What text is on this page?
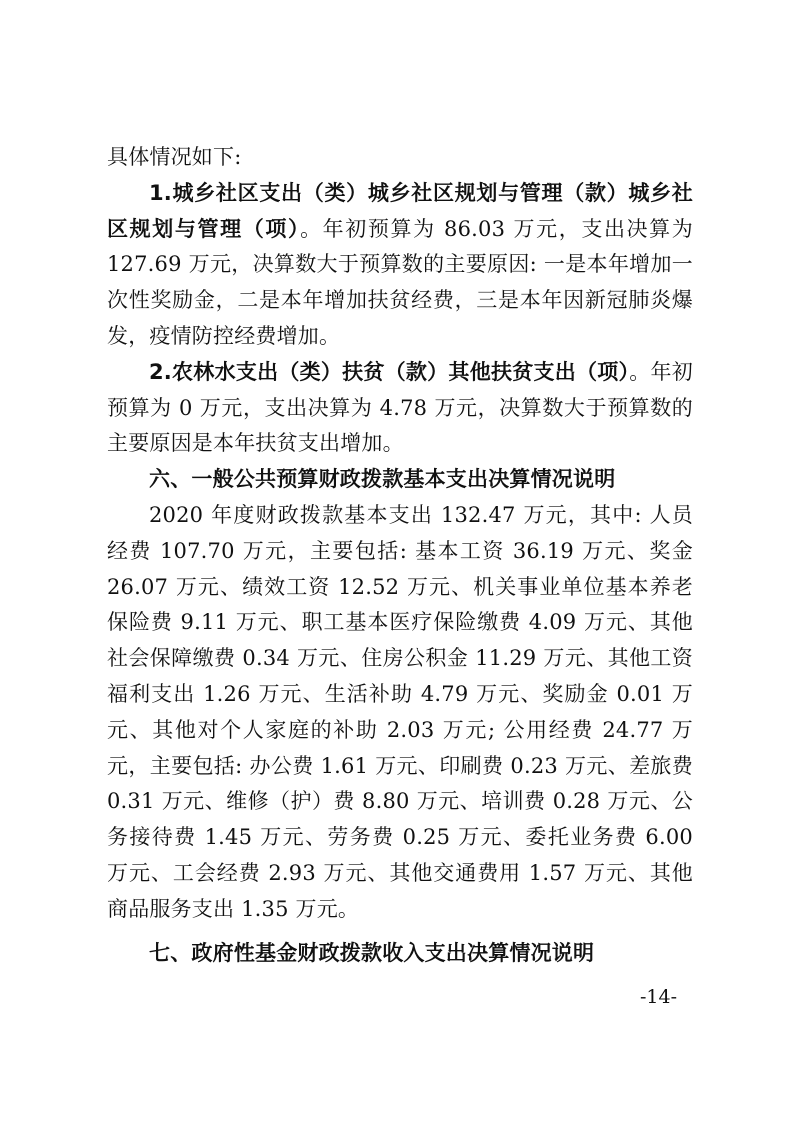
具体情况如下:

1.城乡社区支出（类）城乡社区规划与管理（款）城乡社区规划与管理（项）。年初预算为 86.03 万元，支出决算为 127.69 万元，决算数大于预算数的主要原因: 一是本年增加一次性奖励金，二是本年增加扶贫经费，三是本年因新冠肺炎爆发，疫情防控经费增加。

2.农林水支出（类）扶贫（款）其他扶贫支出（项）。年初预算为 0 万元，支出决算为 4.78 万元，决算数大于预算数的主要原因是本年扶贫支出增加。

六、一般公共预算财政拨款基本支出决算情况说明

2020 年度财政拨款基本支出 132.47 万元，其中: 人员经费 107.70 万元，主要包括: 基本工资 36.19 万元、奖金 26.07 万元、绩效工资 12.52 万元、机关事业单位基本养老保险费 9.11 万元、职工基本医疗保险缴费 4.09 万元、其他社会保障缴费 0.34 万元、住房公积金 11.29 万元、其他工资福利支出 1.26 万元、生活补助 4.79 万元、奖励金 0.01 万元、其他对个人家庭的补助 2.03 万元; 公用经费 24.77 万元，主要包括: 办公费 1.61 万元、印刷费 0.23 万元、差旅费 0.31 万元、维修（护）费 8.80 万元、培训费 0.28 万元、公务接待费 1.45 万元、劳务费 0.25 万元、委托业务费 6.00 万元、工会经费 2.93 万元、其他交通费用 1.57 万元、其他商品服务支出 1.35 万元。

七、政府性基金财政拨款收入支出决算情况说明

-14-
